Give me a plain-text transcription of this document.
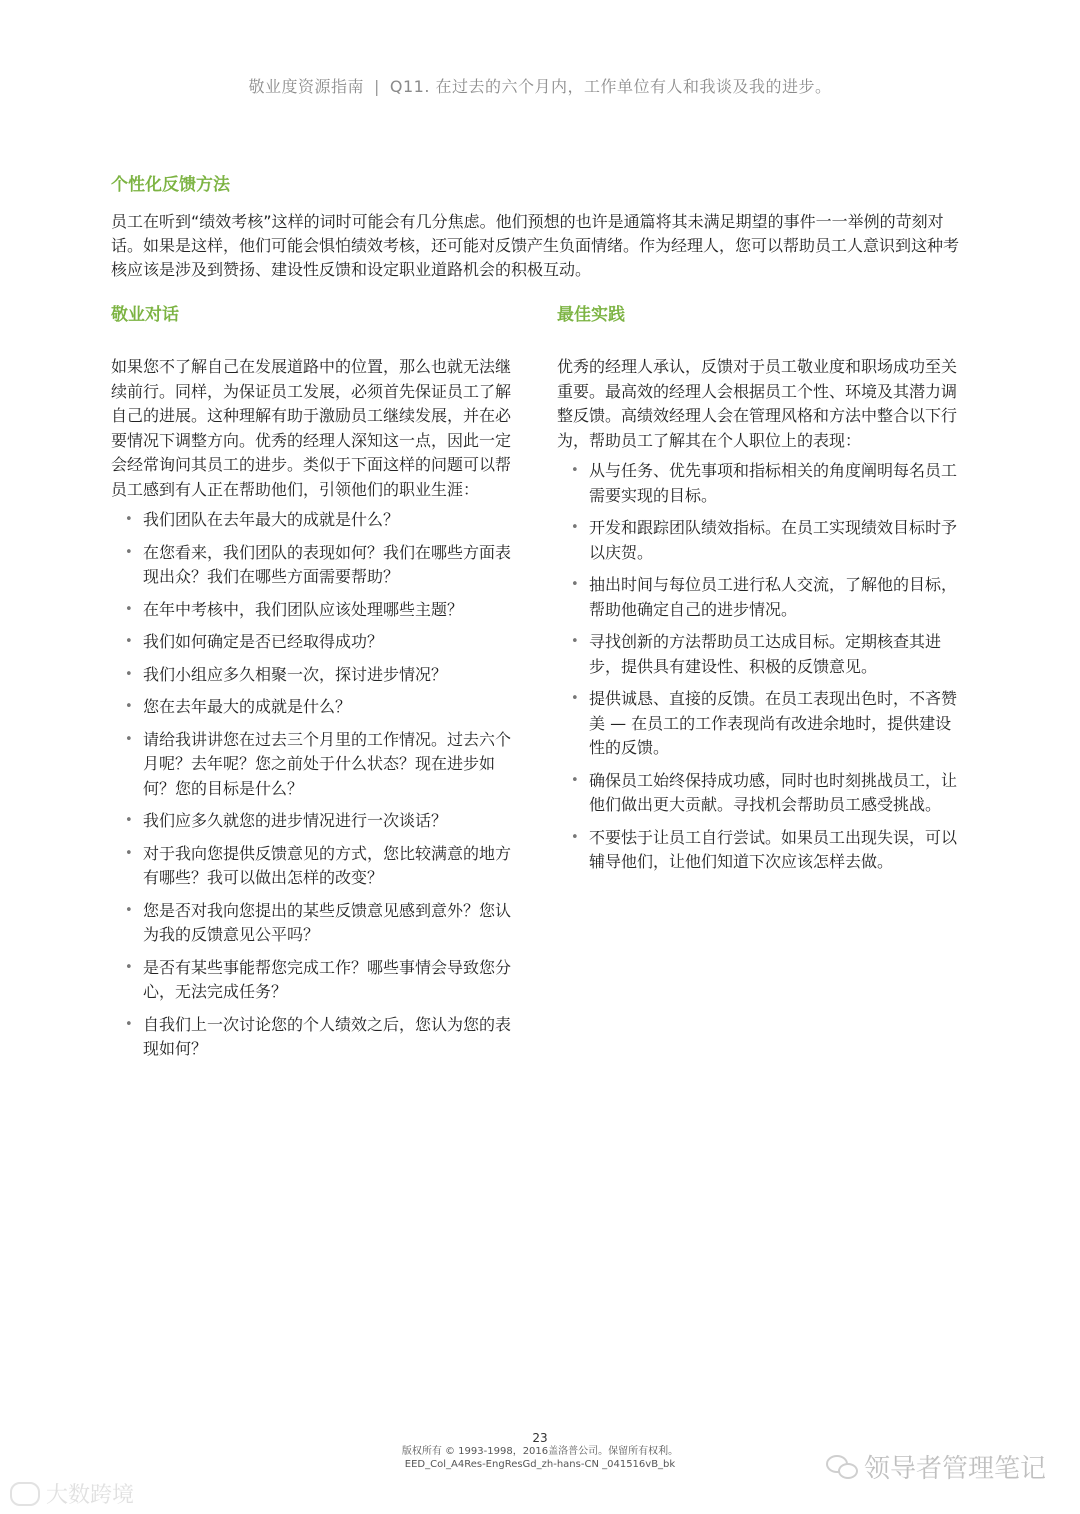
敬业度资源指南 | Q11. 在过去的六个月内，工作单位有人和我谈及我的进步。
个性化反馈方法
员工在听到“绩效考核”这样的词时可能会有几分焦虑。他们预想的也许是通篇将其未满足期望的事件一一举例的苛刻对话。如果是这样，他们可能会惧怕绩效考核，还可能对反馈产生负面情绪。作为经理人，您可以帮助员工人意识到这种考核应该是涉及到赞扬、建设性反馈和设定职业道路机会的积极互动。
敬业对话

如果您不了解自己在发展道路中的位置，那么也就无法继续前行。同样，为保证员工发展，必须首先保证员工了解自己的进展。这种理解有助于激励员工继续发展，并在必要情况下调整方向。优秀的经理人深知这一点，因此一定会经常询问其员工的进步。类似于下面这样的问题可以帮员工感到有人正在帮助他们，引领他们的职业生涯：

• 我们团队在去年最大的成就是什么？
• 在您看来，我们团队的表现如何？我们在哪些方面表现出众？我们在哪些方面需要帮助？
• 在年中考核中，我们团队应该处理哪些主题？
• 我们如何确定是否已经取得成功？
• 我们小组应多久相聚一次，探讨进步情况？
• 您在去年最大的成就是什么？
• 请给我讲讲您在过去三个月里的工作情况。过去六个月呢？去年呢？您之前处于什么状态？现在进步如何？您的目标是什么？
• 我们应多久就您的进步情况进行一次谈话？
• 对于我向您提供反馈意见的方式，您比较满意的地方有哪些？我可以做出怎样的改变？
• 您是否对我向您提出的某些反馈意见感到意外？您认为我的反馈意见公平吗？
• 是否有某些事能帮您完成工作？哪些事情会导致您分心，无法完成任务？
• 自我们上一次讨论您的个人绩效之后，您认为您的表现如何？
最佳实践

优秀的经理人承认，反馈对于员工敬业度和职场成功至关重要。最高效的经理人会根据员工个性、环境及其潜力调整反馈。高绩效经理人会在管理风格和方法中整合以下行为，帮助员工了解其在个人职位上的表现：

• 从与任务、优先事项和指标相关的角度阐明每名员工需要实现的目标。
• 开发和跟踪团队绩效指标。在员工实现绩效目标时予以庆贺。
• 抽出时间与每位员工进行私人交流，了解他的目标，帮助他确定自己的进步情况。
• 寻找创新的方法帮助员工达成目标。定期核查其进步，提供具有建设性、积极的反馈意见。
• 提供诚恳、直接的反馈。在员工表现出色时，不吝赞美 — 在员工的工作表现尚有改进余地时，提供建设性的反馈。
• 确保员工始终保持成功感，同时也时刻挑战员工，让他们做出更大贡献。寻找机会帮助员工感受挑战。
• 不要怯于让员工自行尝试。如果员工出现失误，可以辅导他们，让他们知道下次应该怎样去做。
23
版权所有 © 1993-1998，2016盖洛普公司。保留所有权利。
EED_Col_A4Res-EngResGd_zh-hans-CN _041516vB_bk
大数跨境
领导者管理笔记
